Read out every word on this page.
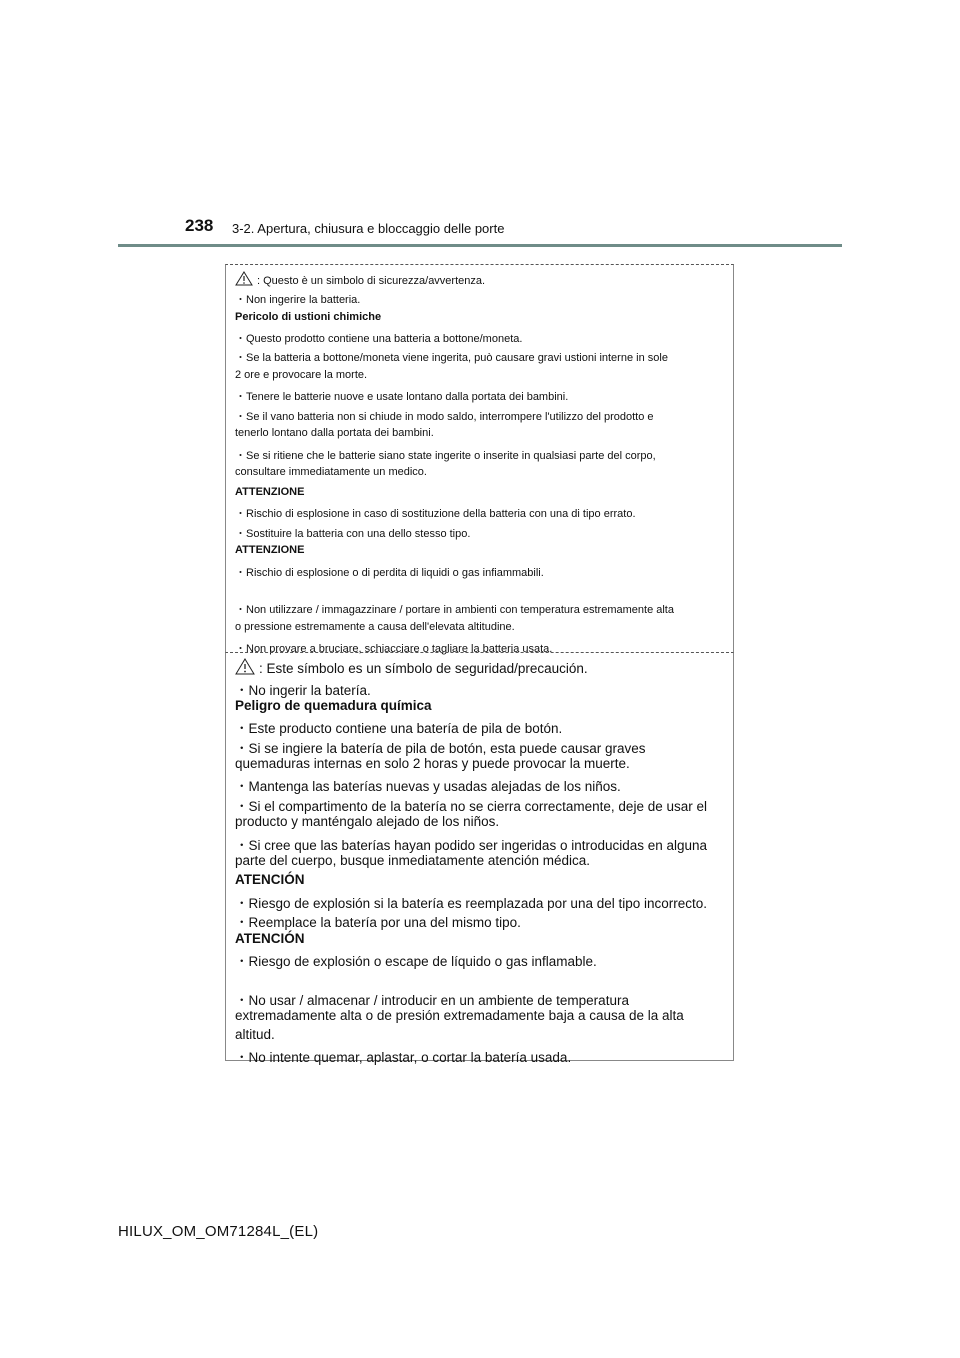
238 3-2. Apertura, chiusura e bloccaggio delle porte
: Questo è un simbolo di sicurezza/avvertenza.
・Non ingerire la batteria.
Pericolo di ustioni chimiche
・Questo prodotto contiene una batteria a bottone/moneta.
・Se la batteria a bottone/moneta viene ingerita, può causare gravi ustioni interne in sole
2 ore e provocare la morte.
・Tenere le batterie nuove e usate lontano dalla portata dei bambini.
・Se il vano batteria non si chiude in modo saldo, interrompere l'utilizzo del prodotto e
tenerlo lontano dalla portata dei bambini.
・Se si ritiene che le batterie siano state ingerite o inserite in qualsiasi parte del corpo,
consultare immediatamente un medico.
ATTENZIONE
・Rischio di esplosione in caso di sostituzione della batteria con una di tipo errato.
・Sostituire la batteria con una dello stesso tipo.
ATTENZIONE
・Rischio di esplosione o di perdita di liquidi o gas infiammabili.
・Non utilizzare / immagazzinare / portare in ambienti con temperatura estremamente alta
o pressione estremamente a causa dell'elevata altitudine.
・Non provare a bruciare, schiacciare o tagliare la batteria usata.
: Este símbolo es un símbolo de seguridad/precaución.
・No ingerir la batería.
Peligro de quemadura química
・Este producto contiene una batería de pila de botón.
・Si se ingiere la batería de pila de botón, esta puede causar graves
quemaduras internas en solo 2 horas y puede provocar la muerte.
・Mantenga las baterías nuevas y usadas alejadas de los niños.
・Si el compartimento de la batería no se cierra correctamente, deje de usar el
producto y manténgalo alejado de los niños.
・Si cree que las baterías hayan podido ser ingeridas o introducidas en alguna
parte del cuerpo, busque inmediatamente atención médica.
ATENCIÓN
・Riesgo de explosión si la batería es reemplazada por una del tipo incorrecto.
・Reemplace la batería por una del mismo tipo.
ATENCIÓN
・Riesgo de explosión o escape de líquido o gas inflamable.
・No usar / almacenar / introducir en un ambiente de temperatura
extremadamente alta o de presión extremadamente baja a causa de la alta
altitud.
・No intente quemar, aplastar, o cortar la batería usada.
HILUX_OM_OM71284L_(EL)
